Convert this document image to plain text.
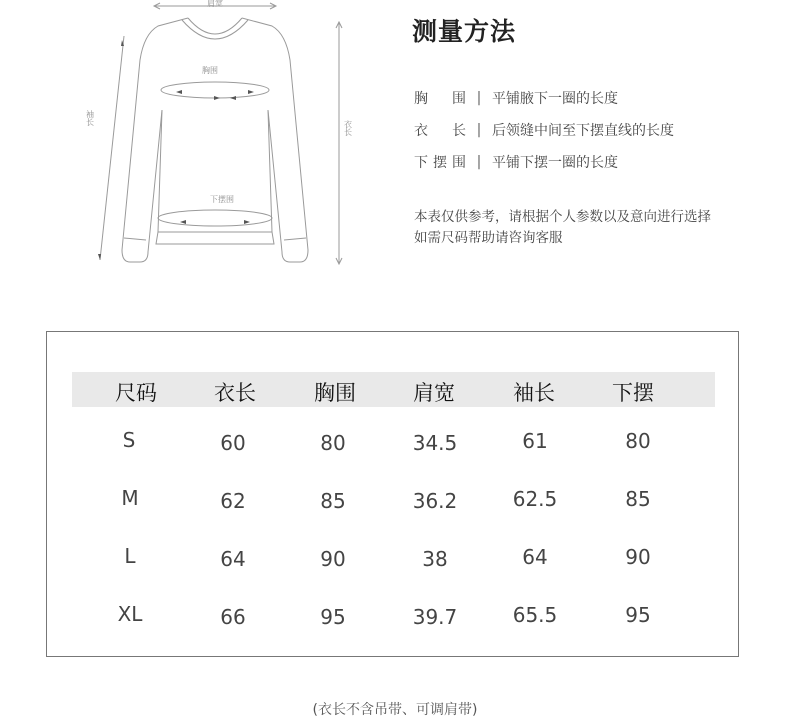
肩宽
胸围
下摆围
袖长
衣长
测量方法
胸围 | 平铺腋下一圈的长度
衣长 | 后领缝中间至下摆直线的长度
下摆围 | 平铺下摆一圈的长度
本表仅供参考，请根据个人参数以及意向进行选择
如需尺码帮助请咨询客服
尺码	衣长	胸围	肩宽	袖长	下摆
S	60	80	34.5	61	80
M	62	85	36.2	62.5	85
L	64	90	38	64	90
XL	66	95	39.7	65.5	95
(衣长不含吊带、可调肩带)
